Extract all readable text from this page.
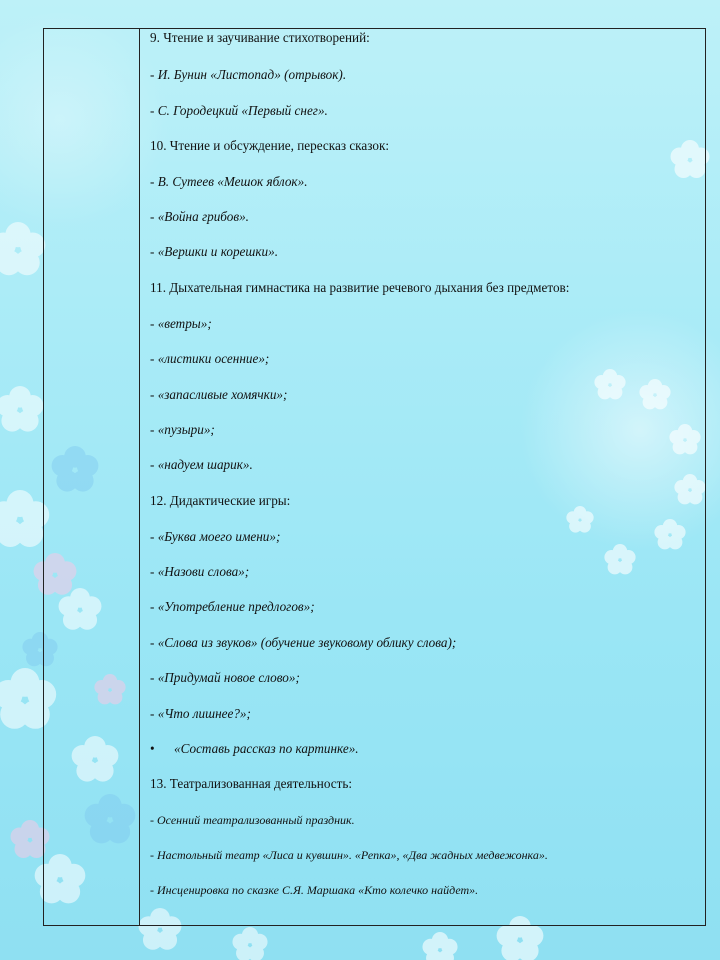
9. Чтение и заучивание стихотворений:
- И. Бунин «Листопад» (отрывок).
- С. Городецкий «Первый снег».
10. Чтение и обсуждение, пересказ сказок:
- В. Сутеев «Мешок яблок».
- «Война грибов».
- «Вершки и корешки».
11. Дыхательная гимнастика на развитие речевого дыхания без предметов:
- «ветры»;
- «листики осенние»;
- «запасливые хомячки»;
- «пузыри»;
- «надуем шарик».
12. Дидактические игры:
- «Буква моего имени»;
- «Назови слова»;
- «Употребление предлогов»;
- «Слова из звуков» (обучение звуковому облику слова);
- «Придумай новое слово»;
- «Что лишнее?»;
• «Составь рассказ по картинке».
13. Театрализованная деятельность:
- Осенний театрализованный праздник.
- Настольный театр «Лиса и кувшин». «Репка», «Два жадных медвежонка».
- Инсценировка по сказке С.Я. Маршака «Кто колечко найдет».
